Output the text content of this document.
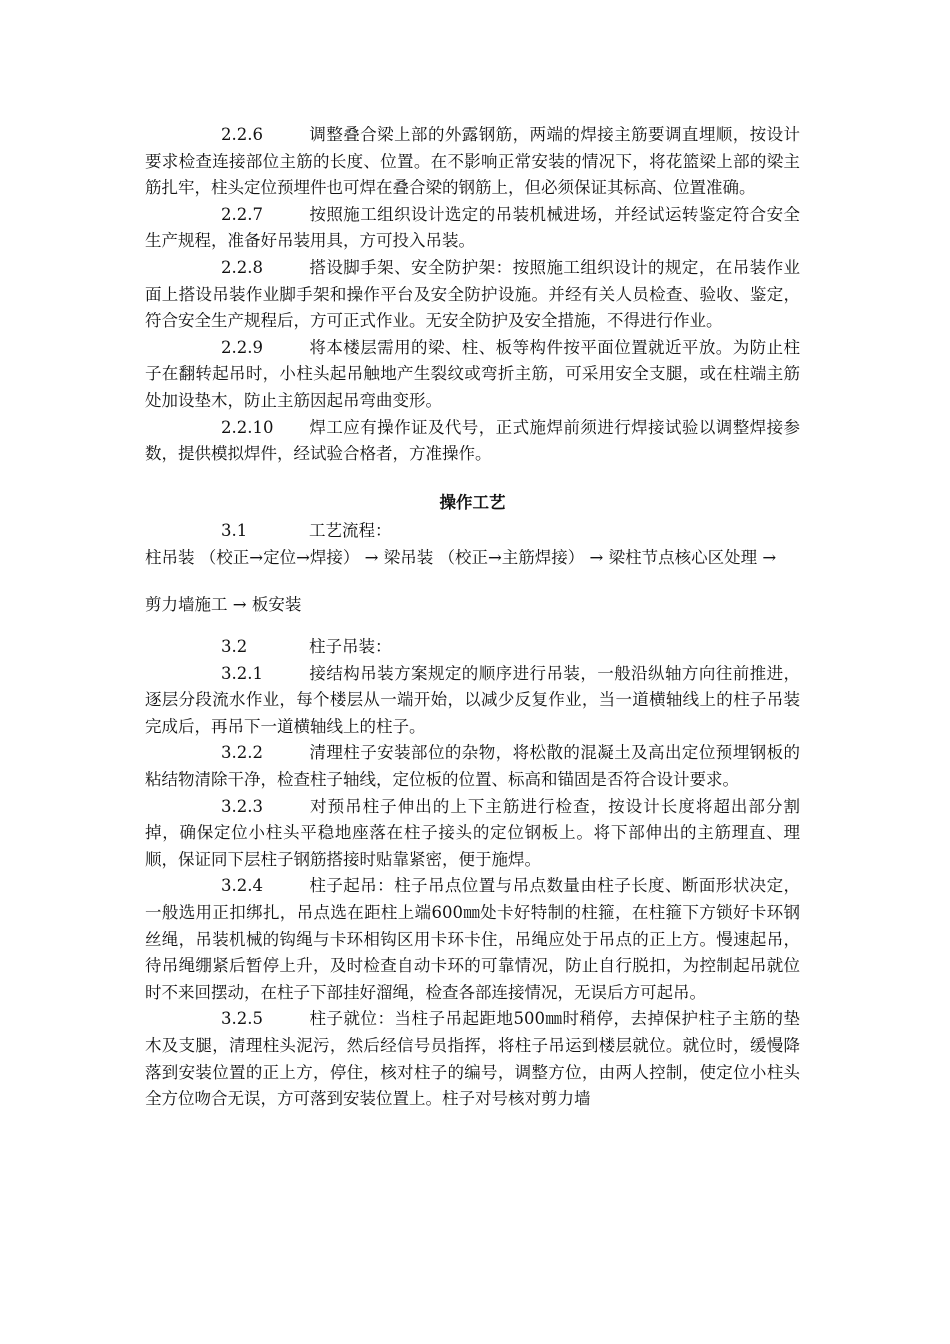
2.2.6	调整叠合梁上部的外露钢筋，两端的焊接主筋要调直埋顺，按设计要求检查连接部位主筋的长度、位置。在不影响正常安装的情况下，将花篮梁上部的梁主筋扎牢，柱头定位预埋件也可焊在叠合梁的钢筋上，但必须保证其标高、位置准确。

2.2.7	按照施工组织设计选定的吊装机械进场，并经试运转鉴定符合安全生产规程，准备好吊装用具，方可投入吊装。

2.2.8	搭设脚手架、安全防护架：按照施工组织设计的规定，在吊装作业面上搭设吊装作业脚手架和操作平台及安全防护设施。并经有关人员检查、验收、鉴定，符合安全生产规程后，方可正式作业。无安全防护及安全措施，不得进行作业。

2.2.9	将本楼层需用的梁、柱、板等构件按平面位置就近平放。为防止柱子在翻转起吊时，小柱头起吊触地产生裂纹或弯折主筋，可采用安全支腿，或在柱端主筋处加设垫木，防止主筋因起吊弯曲变形。

2.2.10 焊工应有操作证及代号，正式施焊前须进行焊接试验以调整焊接参数，提供模拟焊件，经试验合格者，方准操作。

操作工艺

3.1	工艺流程：

柱吊装 （校正→定位→焊接） → 梁吊装 （校正→主筋焊接） → 梁柱节点核心区处理 →

剪力墙施工 → 板安装

3.2	柱子吊装：

3.2.1	接结构吊装方案规定的顺序进行吊装，一般沿纵轴方向往前推进，逐层分段流水作业，每个楼层从一端开始，以减少反复作业，当一道横轴线上的柱子吊装完成后，再吊下一道横轴线上的柱子。

3.2.2	清理柱子安装部位的杂物，将松散的混凝土及高出定位预埋钢板的粘结物清除干净，检查柱子轴线，定位板的位置、标高和锚固是否符合设计要求。

3.2.3	对预吊柱子伸出的上下主筋进行检查，按设计长度将超出部分割掉，确保定位小柱头平稳地座落在柱子接头的定位钢板上。将下部伸出的主筋理直、理顺，保证同下层柱子钢筋搭接时贴靠紧密，便于施焊。

3.2.4	柱子起吊：柱子吊点位置与吊点数量由柱子长度、断面形状决定，一般选用正扣绑扎，吊点选在距柱上端600㎜处卡好特制的柱箍，在柱箍下方锁好卡环钢丝绳，吊装机械的钩绳与卡环相钩区用卡环卡住，吊绳应处于吊点的正上方。慢速起吊，待吊绳绷紧后暂停上升，及时检查自动卡环的可靠情况，防止自行脱扣，为控制起吊就位时不来回摆动，在柱子下部挂好溜绳，检查各部连接情况，无误后方可起吊。

3.2.5	柱子就位：当柱子吊起距地500㎜时稍停，去掉保护柱子主筋的垫木及支腿，清理柱头泥污，然后经信号员指挥，将柱子吊运到楼层就位。就位时，缓慢降落到安装位置的正上方，停住，核对柱子的编号，调整方位，由两人控制，使定位小柱头全方位吻合无误，方可落到安装位置上。柱子对号核对剪力墙
